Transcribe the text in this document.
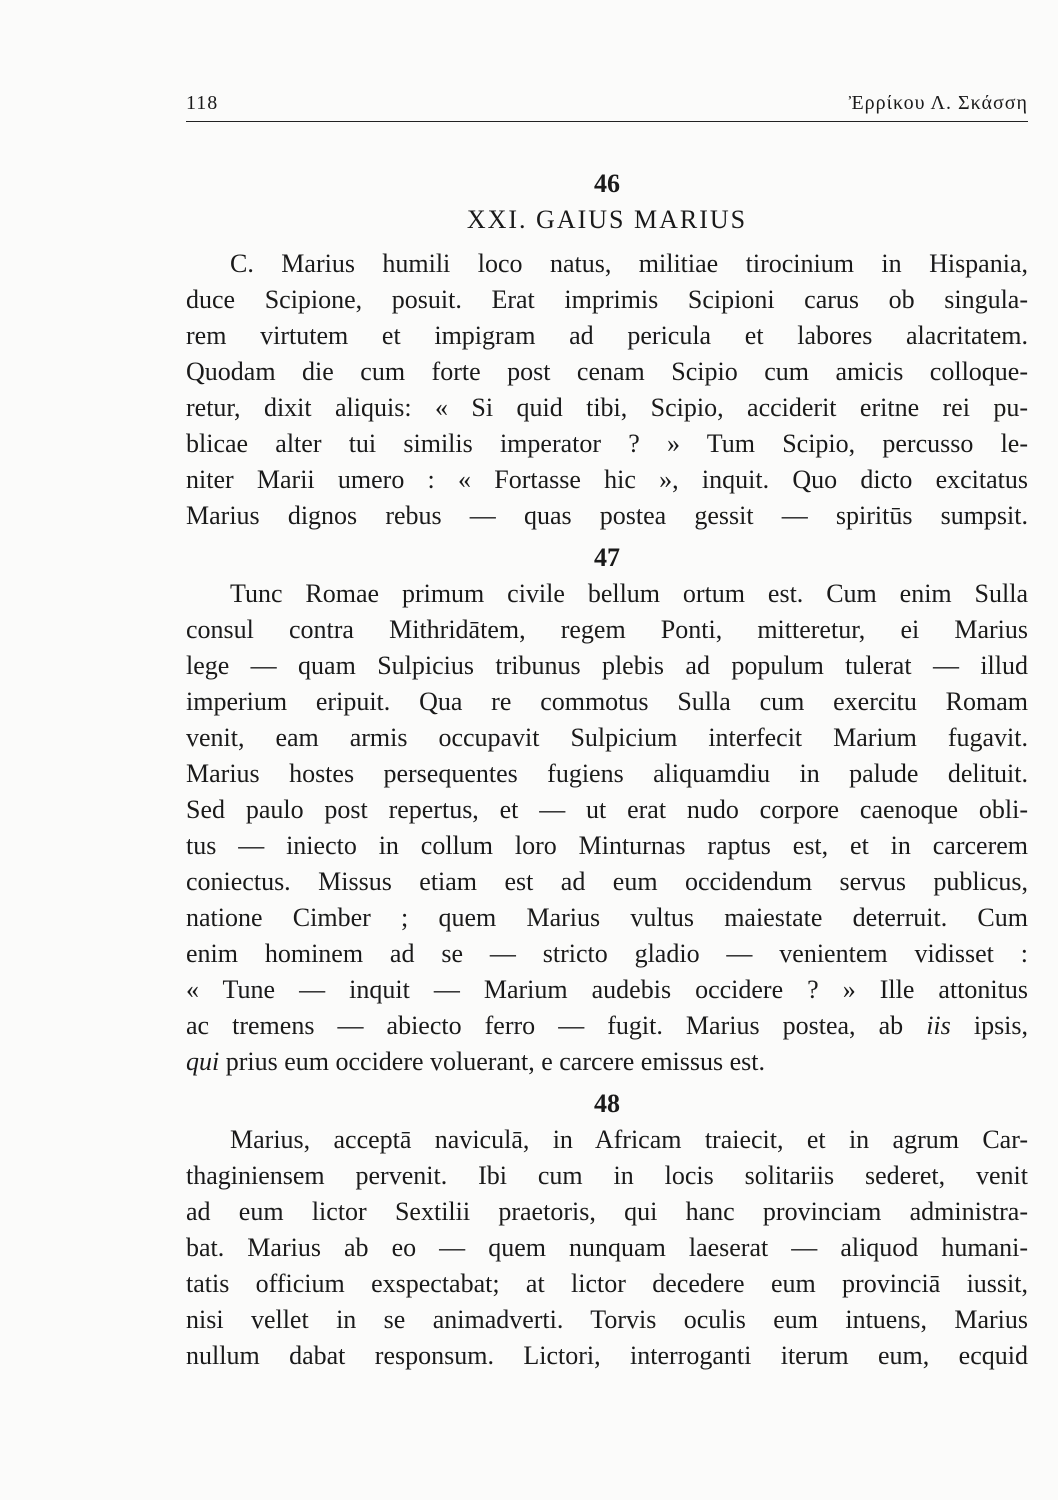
118	Ἐρρίκου Λ. Σκάσση

46

XXI. GAIUS MARIUS

C. Marius humili loco natus, militiae tirocinium in Hispania,
duce Scipione, posuit. Erat imprimis Scipioni carus ob singula-
rem virtutem et impigram ad pericula et labores alacritatem.
Quodam die cum forte post cenam Scipio cum amicis colloque-
retur, dixit aliquis: « Si quid tibi, Scipio, acciderit eritne rei pu-
blicae alter tui similis imperator ? » Tum Scipio, percusso le-
niter Marii umero : « Fortasse hic », inquit. Quo dicto excitatus
Marius dignos rebus — quas postea gessit — spiritūs sumpsit.

47

Tunc Romae primum civile bellum ortum est. Cum enim Sulla
consul contra Mithridātem, regem Ponti, mitteretur, ei Marius
lege — quam Sulpicius tribunus plebis ad populum tulerat — illud
imperium eripuit. Qua re commotus Sulla cum exercitu Romam
venit, eam armis occupavit Sulpicium interfecit Marium fugavit.
Marius hostes persequentes fugiens aliquamdiu in palude delituit.
Sed paulo post repertus, et — ut erat nudo corpore caenoque obli-
tus — iniecto in collum loro Minturnas raptus est, et in carcerem
coniectus. Missus etiam est ad eum occidendum servus publicus,
natione Cimber ; quem Marius vultus maiestate deterruit. Cum
enim hominem ad se — stricto gladio — venientem vidisset :
« Tune — inquit — Marium audebis occidere ? » Ille attonitus
ac tremens — abiecto ferro — fugit. Marius postea, ab iis ipsis,
qui prius eum occidere voluerant, e carcere emissus est.

48

Marius, acceptā naviculā, in Africam traiecit, et in agrum Car-
thaginiensem pervenit. Ibi cum in locis solitariis sederet, venit
ad eum lictor Sextilii praetoris, qui hanc provinciam administra-
bat. Marius ab eo — quem nunquam laeserat — aliquod humani-
tatis officium exspectabat; at lictor decedere eum provinciā iussit,
nisi vellet in se animadverti. Torvis oculis eum intuens, Marius
nullum dabat responsum. Lictori, interroganti iterum eum, ecquid
